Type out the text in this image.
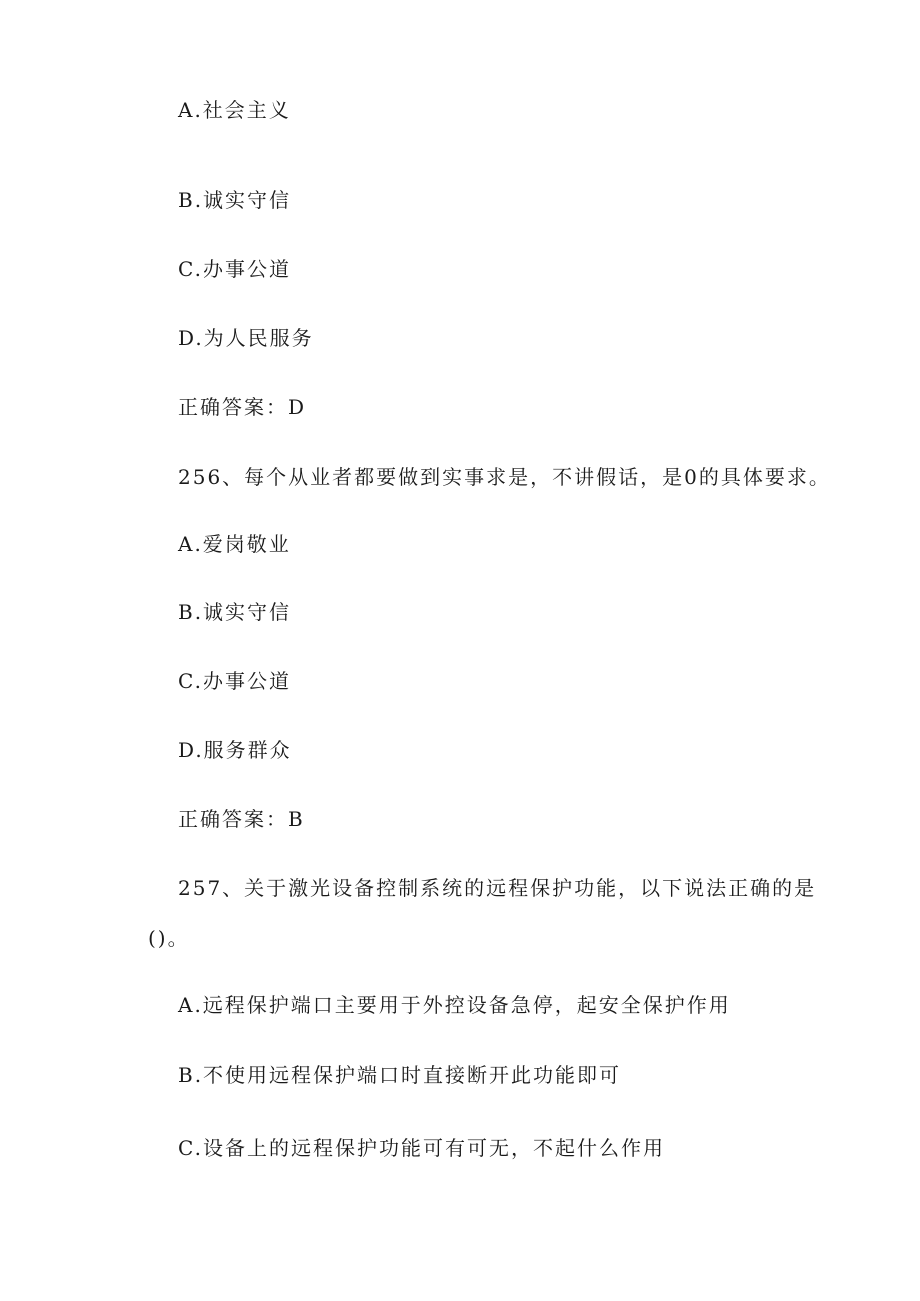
A.社会主义
B.诚实守信
C.办事公道
D.为人民服务
正确答案：D
256、每个从业者都要做到实事求是，不讲假话，是0的具体要求。
A.爱岗敬业
B.诚实守信
C.办事公道
D.服务群众
正确答案：B
257、关于激光设备控制系统的远程保护功能，以下说法正确的是
()。
A.远程保护端口主要用于外控设备急停，起安全保护作用
B.不使用远程保护端口时直接断开此功能即可
C.设备上的远程保护功能可有可无，不起什么作用
